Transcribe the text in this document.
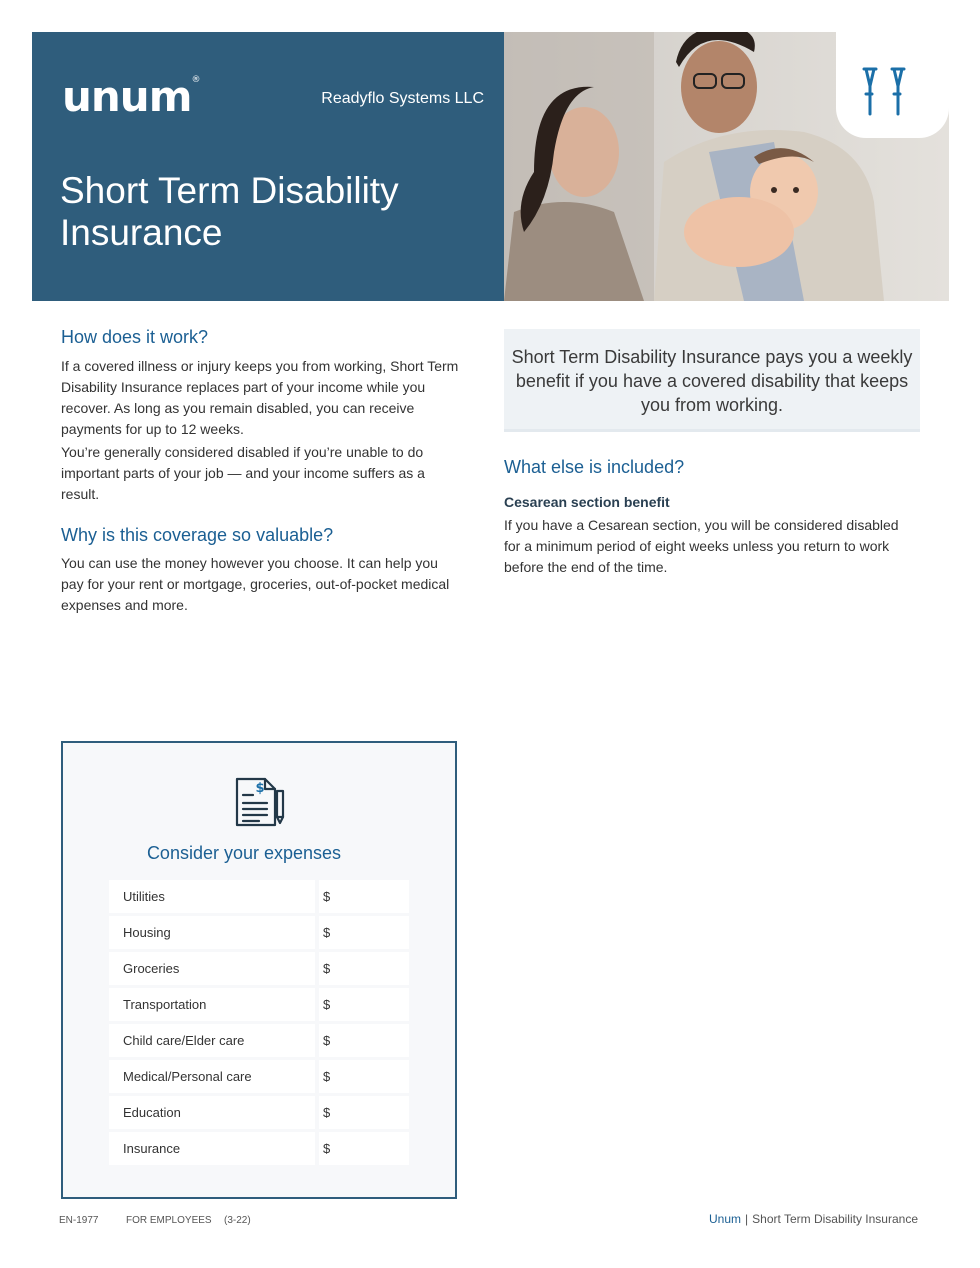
unum®
Readyflo Systems LLC
Short Term Disability
Insurance
How does it work?

If a covered illness or injury keeps you from working, Short Term Disability Insurance replaces part of your income while you recover. As long as you remain disabled, you can receive payments for up to 12 weeks.

You’re generally considered disabled if you’re unable to do important parts of your job — and your income suffers as a result.

Why is this coverage so valuable?

You can use the money however you choose. It can help you pay for your rent or mortgage, groceries, out-of-pocket medical expenses and more.

Short Term Disability Insurance pays you a weekly benefit if you have a covered disability that keeps you from working.

What else is included?
Cesarean section benefit

If you have a Cesarean section, you will be considered disabled for a minimum period of eight weeks unless you return to work before the end of the time.

$
Consider your expenses
Utilities	$
Housing	$
Groceries	$
Transportation	$
Child care/Elder care	$
Medical/Personal care	$
Education	$
Insurance	$
EN-1977	FOR EMPLOYEES (3-22)	Unum | Short Term Disability Insurance
